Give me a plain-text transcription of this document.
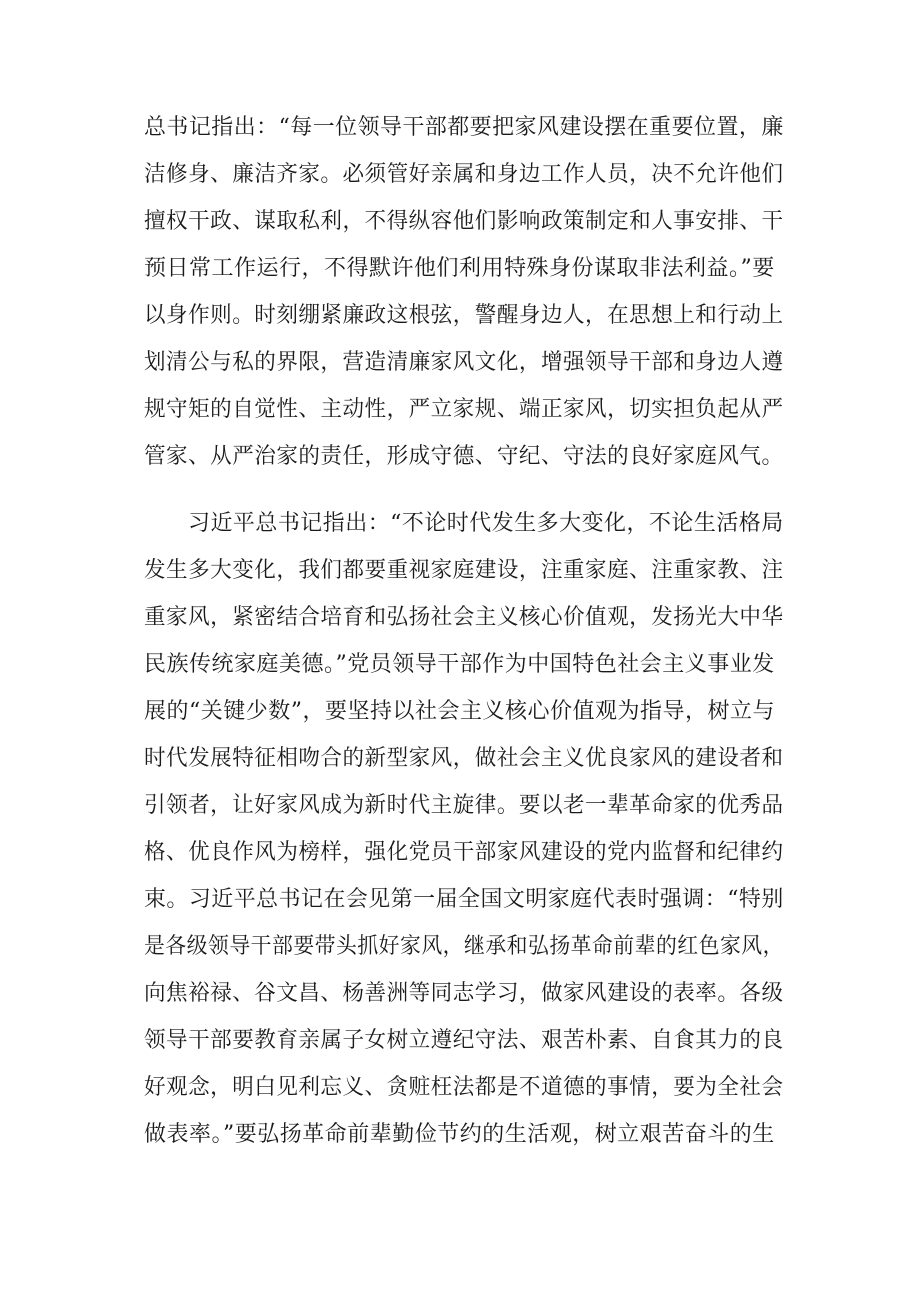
总书记指出：“每一位领导干部都要把家风建设摆在重要位置，廉
洁修身、廉洁齐家。必须管好亲属和身边工作人员，决不允许他们
擅权干政、谋取私利，不得纵容他们影响政策制定和人事安排、干
预日常工作运行，不得默许他们利用特殊身份谋取非法利益。”要
以身作则。时刻绷紧廉政这根弦，警醒身边人，在思想上和行动上
划清公与私的界限，营造清廉家风文化，增强领导干部和身边人遵
规守矩的自觉性、主动性，严立家规、端正家风，切实担负起从严
管家、从严治家的责任，形成守德、守纪、守法的良好家庭风气。
习近平总书记指出：“不论时代发生多大变化，不论生活格局
发生多大变化，我们都要重视家庭建设，注重家庭、注重家教、注
重家风，紧密结合培育和弘扬社会主义核心价值观，发扬光大中华
民族传统家庭美德。”党员领导干部作为中国特色社会主义事业发
展的“关键少数”，要坚持以社会主义核心价值观为指导，树立与
时代发展特征相吻合的新型家风，做社会主义优良家风的建设者和
引领者，让好家风成为新时代主旋律。要以老一辈革命家的优秀品
格、优良作风为榜样，强化党员干部家风建设的党内监督和纪律约
束。习近平总书记在会见第一届全国文明家庭代表时强调：“特别
是各级领导干部要带头抓好家风，继承和弘扬革命前辈的红色家风，
向焦裕禄、谷文昌、杨善洲等同志学习，做家风建设的表率。各级
领导干部要教育亲属子女树立遵纪守法、艰苦朴素、自食其力的良
好观念，明白见利忘义、贪赃枉法都是不道德的事情，要为全社会
做表率。”要弘扬革命前辈勤俭节约的生活观，树立艰苦奋斗的生
